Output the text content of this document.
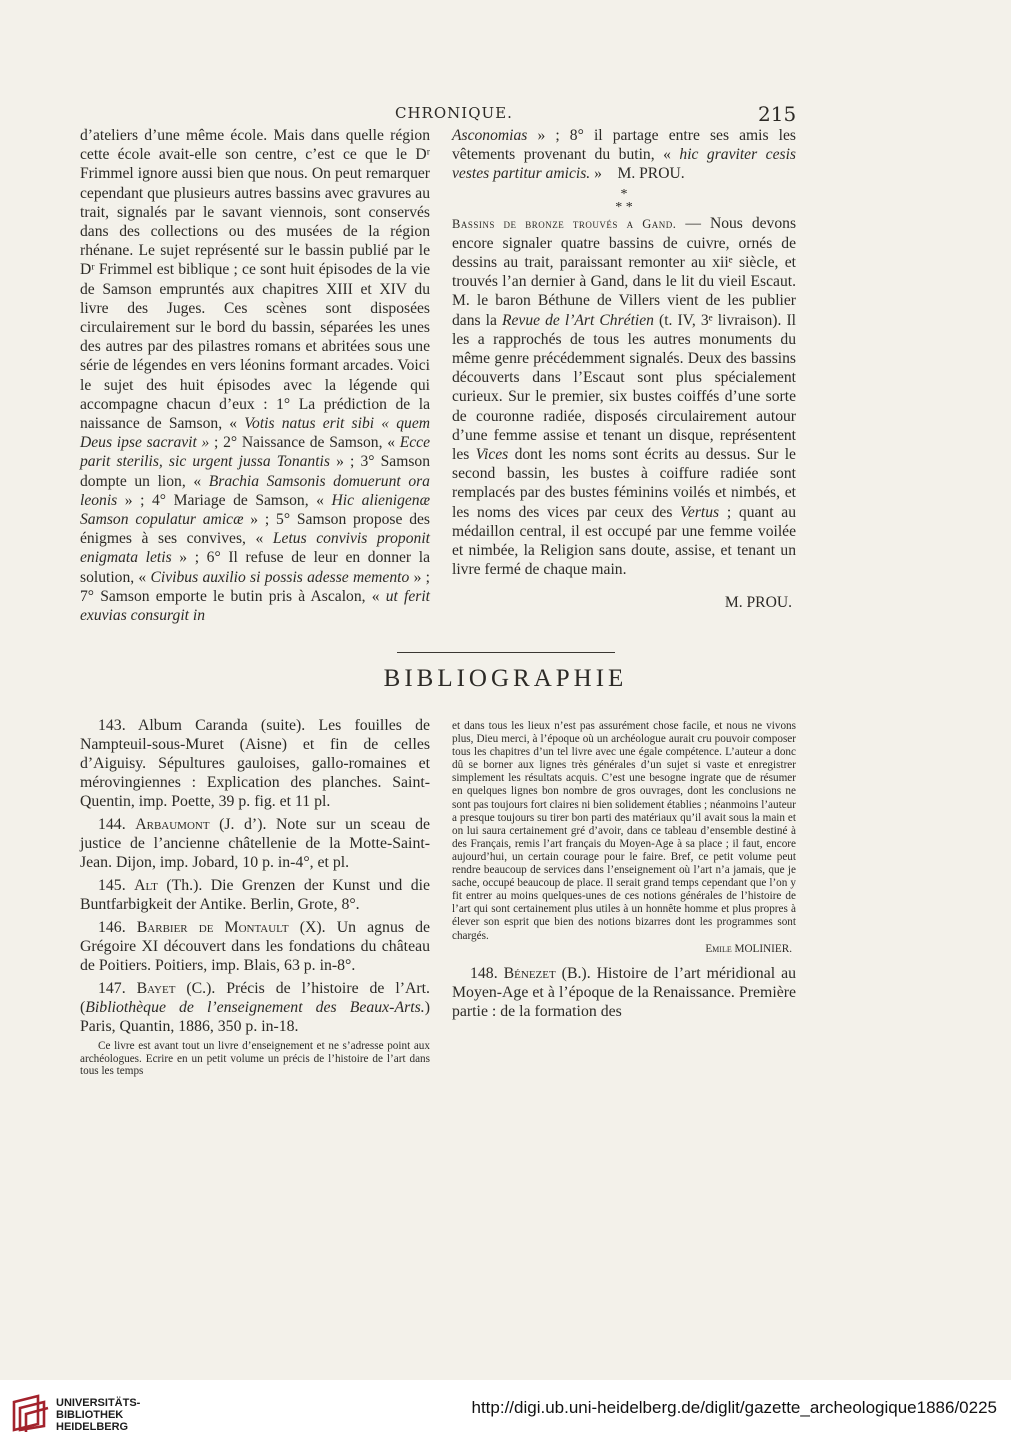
CHRONIQUE.	215

d’ateliers d’une même école. Mais dans quelle région cette école avait-elle son centre, c’est ce que le Dʳ Frimmel ignore aussi bien que nous. On peut remarquer cependant que plusieurs autres bassins avec gravures au trait, signalés par le savant viennois, sont conservés dans des collections ou des musées de la région rhénane. Le sujet représenté sur le bassin publié par le Dʳ Frimmel est biblique ; ce sont huit épisodes de la vie de Samson empruntés aux chapitres XIII et XIV du livre des Juges. Ces scènes sont disposées circulairement sur le bord du bassin, séparées les unes des autres par des pilastres romans et abritées sous une série de légendes en vers léonins formant arcades. Voici le sujet des huit épisodes avec la légende qui accompagne chacun d’eux : 1° La prédiction de la naissance de Samson, « Votis natus erit sibi « quem Deus ipse sacravit » ; 2° Naissance de Samson, « Ecce parit sterilis, sic urgent jussa Tonantis » ; 3° Samson dompte un lion, « Brachia Samsonis domuerunt ora leonis » ; 4° Mariage de Samson, « Hic alienigenæ Samson copulatur amicæ » ; 5° Samson propose des énigmes à ses convives, « Letus convivis proponit enigmata letis » ; 6° Il refuse de leur en donner la solution, « Civibus auxilio si possis adesse memento » ; 7° Samson emporte le butin pris à Ascalon, « ut ferit exuvias consurgit in

Asconomias » ; 8° il partage entre ses amis les vêtements provenant du butin, « hic graviter cesis vestes partitur amicis. » M. PROU.

*
* *

Bassins de bronze trouvés a Gand. — Nous devons encore signaler quatre bassins de cuivre, ornés de dessins au trait, paraissant remonter au xiiᵉ siècle, et trouvés l’an dernier à Gand, dans le lit du vieil Escaut. M. le baron Béthune de Villers vient de les publier dans la Revue de l’Art Chrétien (t. IV, 3ᵉ livraison). Il les a rapprochés de tous les autres monuments du même genre précédemment signalés. Deux des bassins découverts dans l’Escaut sont plus spécialement curieux. Sur le premier, six bustes coiffés d’une sorte de couronne radiée, disposés circulairement autour d’une femme assise et tenant un disque, représentent les Vices dont les noms sont écrits au dessus. Sur le second bassin, les bustes à coiffure radiée sont remplacés par des bustes féminins voilés et nimbés, et les noms des vices par ceux des Vertus ; quant au médaillon central, il est occupé par une femme voilée et nimbée, la Religion sans doute, assise, et tenant un livre fermé de chaque main.

M. PROU.

BIBLIOGRAPHIE

143. Album Caranda (suite). Les fouilles de Nampteuil-sous-Muret (Aisne) et fin de celles d’Aiguisy. Sépultures gauloises, gallo-romaines et mérovingiennes : Explication des planches. Saint-Quentin, imp. Poette, 39 p. fig. et 11 pl.

144. Arbaumont (J. d’). Note sur un sceau de justice de l’ancienne châtellenie de la Motte-Saint-Jean. Dijon, imp. Jobard, 10 p. in-4°, et pl.

145. Alt (Th.). Die Grenzen der Kunst und die Buntfarbigkeit der Antike. Berlin, Grote, 8°.

146. Barbier de Montault (X). Un agnus de Grégoire XI découvert dans les fondations du château de Poitiers. Poitiers, imp. Blais, 63 p. in-8°.

147. Bayet (C.). Précis de l’histoire de l’Art. (Bibliothèque de l’enseignement des Beaux-Arts.) Paris, Quantin, 1886, 350 p. in-18.

Ce livre est avant tout un livre d’enseignement et ne s’adresse point aux archéologues. Ecrire en un petit volume un précis de l’histoire de l’art dans tous les temps

et dans tous les lieux n’est pas assurément chose facile, et nous ne vivons plus, Dieu merci, à l’époque où un archéologue aurait cru pouvoir composer tous les chapitres d’un tel livre avec une égale compétence. L’auteur a donc dû se borner aux lignes très générales d’un sujet si vaste et enregistrer simplement les résultats acquis. C’est une besogne ingrate que de résumer en quelques lignes bon nombre de gros ouvrages, dont les conclusions ne sont pas toujours fort claires ni bien solidement établies ; néanmoins l’auteur a presque toujours su tirer bon parti des matériaux qu’il avait sous la main et on lui saura certainement gré d’avoir, dans ce tableau d’ensemble destiné à des Français, remis l’art français du Moyen-Age à sa place ; il faut, encore aujourd’hui, un certain courage pour le faire. Bref, ce petit volume peut rendre beaucoup de services dans l’enseignement où l’art n’a jamais, que je sache, occupé beaucoup de place. Il serait grand temps cependant que l’on y fit entrer au moins quelques-unes de ces notions générales de l’histoire de l’art qui sont certainement plus utiles à un honnête homme et plus propres à élever son esprit que bien des notions bizarres dont les programmes sont chargés.

Emile MOLINIER.

148. Bénezet (B.). Histoire de l’art méridional au Moyen-Age et à l’époque de la Renaissance. Première partie : de la formation des

UNIVERSITÄTS-
BIBLIOTHEK
HEIDELBERG
http://digi.ub.uni-heidelberg.de/diglit/gazette_archeologique1886/0225
